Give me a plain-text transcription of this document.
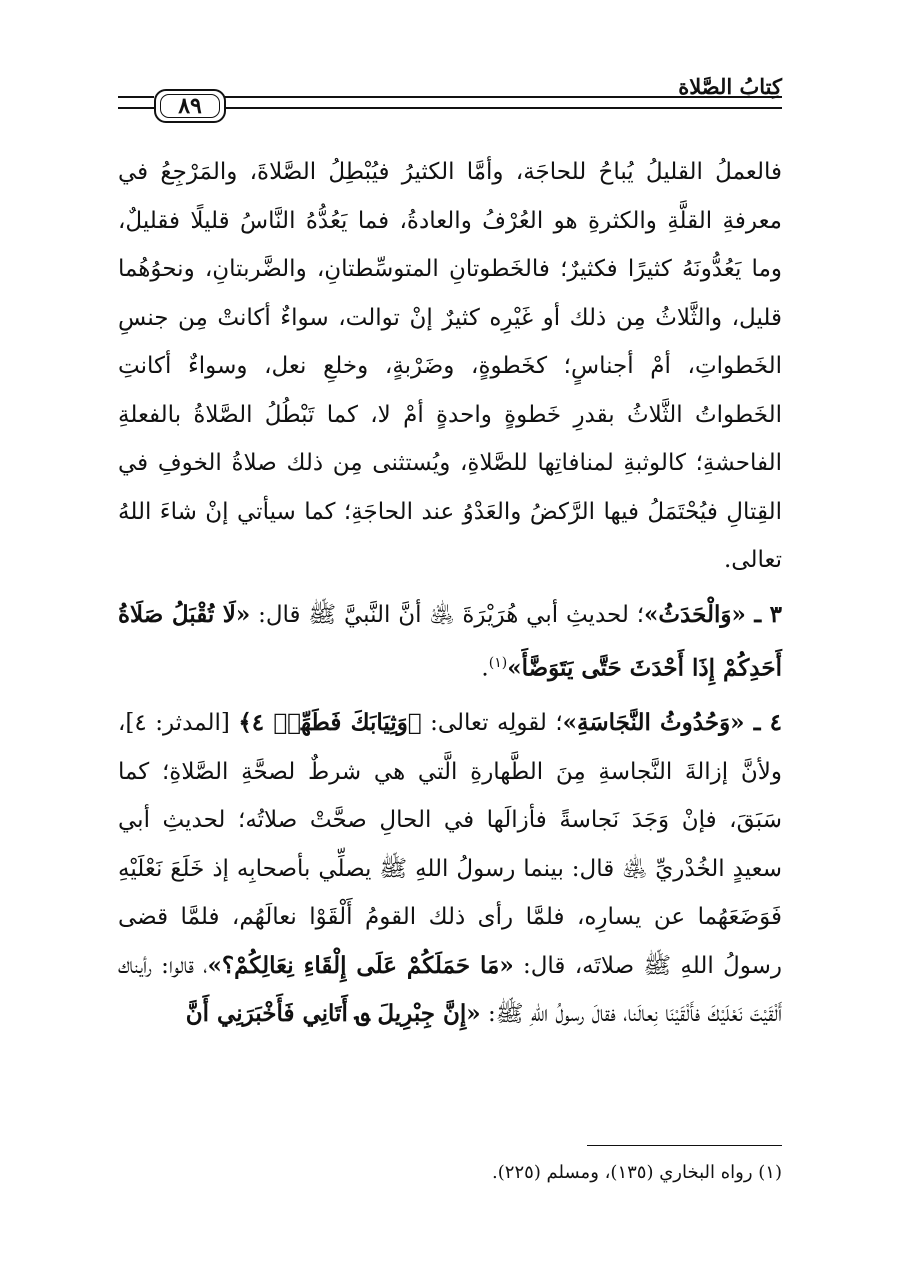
كِتابُ الصَّلاة
٨٩

فالعملُ القليلُ يُباحُ للحاجَة، وأمَّا الكثيرُ فيُبْطِلُ الصَّلاةَ، والمَرْجِعُ في معرفةِ القلَّةِ والكثرةِ هو العُرْفُ والعادةُ، فما يَعُدُّهُ النَّاسُ قليلًا فقليلٌ، وما يَعُدُّونَهُ كثيرًا فكثيرٌ؛ فالخَطوتانِ المتوسِّطتانِ، والضَّربتانِ، ونحوُهُما قليل، والثَّلاثُ مِن ذلك أو غَيْرِه كثيرٌ إنْ توالت، سواءٌ أكانتْ مِن جنسِ الخَطواتِ، أمْ أجناسٍ؛ كخَطوةٍ، وضَرْبةٍ، وخلعِ نعل، وسواءٌ أكانتِ الخَطواتُ الثَّلاثُ بقدرِ خَطوةٍ واحدةٍ أمْ لا، كما تَبْطُلُ الصَّلاةُ بالفعلةِ الفاحشةِ؛ كالوثبةِ لمنافاتِها للصَّلاةِ، ويُستثنى مِن ذلك صلاةُ الخوفِ في القِتالِ فيُحْتَمَلُ فيها الرَّكضُ والعَدْوُ عند الحاجَةِ؛ كما سيأتي إنْ شاءَ اللهُ تعالى.

٣ ـ «وَالْحَدَثُ»؛ لحديثِ أبي هُرَيْرَةَ ﵁ أنَّ النَّبيَّ ﷺ قال: «لَا تُقْبَلُ صَلَاةُ أَحَدِكُمْ إِذَا أَحْدَثَ حَتَّى يَتَوَضَّأَ»$^{(١)}$.

٤ ـ «وَحُدُوثُ النَّجَاسَةِ»؛ لقولِه تعالى: ﴿وَثِيَابَكَ فَطَهِّرۡ ٤﴾ [المدثر: ٤]، ولأنَّ إزالةَ النَّجاسةِ مِنَ الطَّهارةِ الَّتي هي شرطٌ لصحَّةِ الصَّلاةِ؛ كما سَبَقَ، فإنْ وَجَدَ نَجاسةً فأزالَها في الحالِ صحَّتْ صلاتُه؛ لحديثِ أبي سعيدٍ الخُدْريِّ ﵁ قال: بينما رسولُ اللهِ ﷺ يصلِّي بأصحابِه إذ خَلَعَ نَعْلَيْهِ فَوَضَعَهُما عن يسارِه، فلمَّا رأى ذلك القومُ أَلْقَوْا نعالَهُم، فلمَّا قضى رسولُ اللهِ ﷺ صلاتَه، قال: «مَا حَمَلَكُمْ عَلَى إِلْقَاءِ نِعَالِكُمْ؟»، قالوا: رأيناك أَلْقَيْتَ نَعْلَيْكَ فأَلْقَيْنَا نِعالَنا، فقالَ رسولُ اللهِ ﷺ: «إِنَّ جِبْرِيلَ ؈ أَتَانِي فَأَخْبَرَنِي أَنَّ

(١) رواه البخاري (١٣٥)، ومسلم (٢٢٥).
